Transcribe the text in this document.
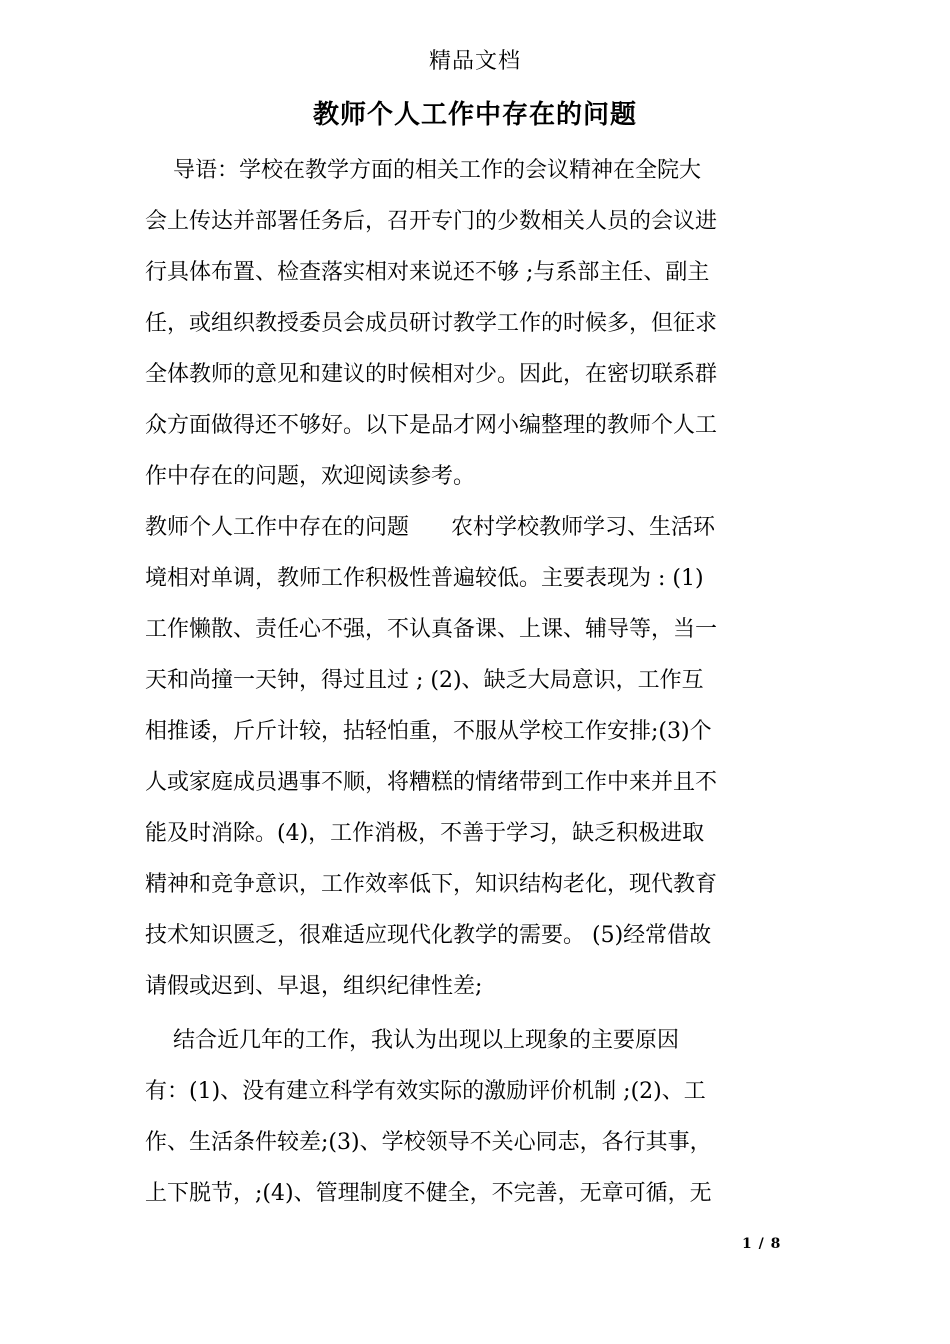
精品文档
教师个人工作中存在的问题
导语：学校在教学方面的相关工作的会议精神在全院大
会上传达并部署任务后，召开专门的少数相关人员的会议进
行具体布置、检查落实相对来说还不够 ;与系部主任、副主
任，或组织教授委员会成员研讨教学工作的时候多，但征求
全体教师的意见和建议的时候相对少。因此，在密切联系群
众方面做得还不够好。以下是品才网小编整理的教师个人工
作中存在的问题，欢迎阅读参考。
教师个人工作中存在的问题      农村学校教师学习、生活环
境相对单调，教师工作积极性普遍较低。主要表现为 : (1)
工作懒散、责任心不强，不认真备课、上课、辅导等，当一
天和尚撞一天钟，得过且过 ; (2)、缺乏大局意识，工作互
相推诿，斤斤计较，拈轻怕重，不服从学校工作安排;(3)个
人或家庭成员遇事不顺，将糟糕的情绪带到工作中来并且不
能及时消除。(4)，工作消极，不善于学习，缺乏积极进取
精神和竞争意识，工作效率低下，知识结构老化，现代教育
技术知识匮乏，很难适应现代化教学的需要。 (5)经常借故
请假或迟到、早退，组织纪律性差;
结合近几年的工作，我认为出现以上现象的主要原因
有：(1)、没有建立科学有效实际的激励评价机制 ;(2)、工
作、生活条件较差;(3)、学校领导不关心同志，各行其事，
上下脱节，;(4)、管理制度不健全，不完善，无章可循，无
1 / 8
